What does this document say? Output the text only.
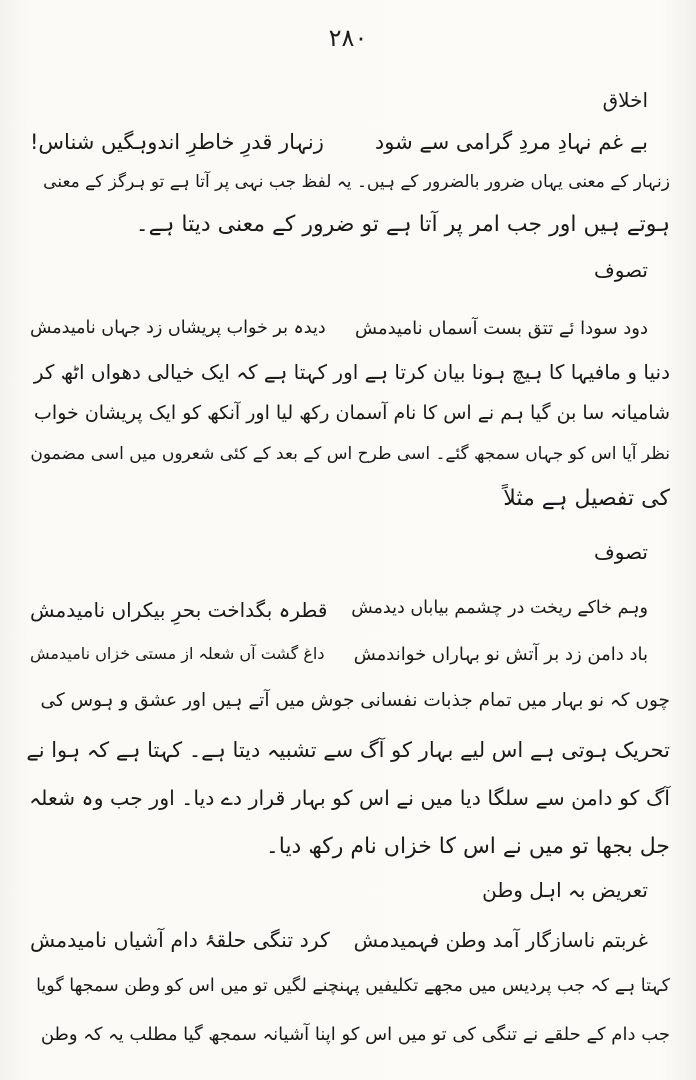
۲۸۰
اخلاق
بے غم نہادِ مردِ گرامی سے شود
زنہار قدرِ خاطرِ اندوہگیں شناس!
زنہار کے معنی یہاں ضرور بالضرور کے ہیں۔ یہ لفظ جب نہی پر آتا ہے تو ہرگز کے معنی
ہوتے ہیں اور جب امر پر آتا ہے تو ضرور کے معنی دیتا ہے۔
تصوف
دود سودا ئے تتق بست آسماں نامیدمش
دیدہ بر خواب پریشاں زد جہاں نامیدمش
دنیا و مافیہا کا ہیچ ہونا بیان کرتا ہے اور کہتا ہے کہ ایک خیالی دھواں اٹھ کر
شامیانہ سا بن گیا ہم نے اس کا نام آسمان رکھ لیا اور آنکھ کو ایک پریشان خواب
نظر آیا اس کو جہاں سمجھ گئے۔ اسی طرح اس کے بعد کے کئی شعروں میں اسی مضمون
کی تفصیل ہے مثلاً
تصوف
وہم خاکے ریخت در چشمم بیاباں دیدمش
قطرہ بگداخت بحرِ بیکراں نامیدمش
باد دامن زد بر آتش نو بہاراں خواندمش
داغ گشت آں شعلہ از مستی خزاں نامیدمش
چوں کہ نو بہار میں تمام جذبات نفسانی جوش میں آتے ہیں اور عشق و ہوس کی
تحریک ہوتی ہے اس لیے بہار کو آگ سے تشبیہ دیتا ہے۔ کہتا ہے کہ ہوا نے
آگ کو دامن سے سلگا دیا میں نے اس کو بہار قرار دے دیا۔ اور جب وہ شعلہ
جل بجھا تو میں نے اس کا خزاں نام رکھ دیا۔
تعریض بہ اہل وطن
غربتم ناسازگار آمد وطن فہمیدمش
کرد تنگی حلقۂ دام آشیاں نامیدمش
کہتا ہے کہ جب پردیس میں مجھے تکلیفیں پہنچنے لگیں تو میں اس کو وطن سمجھا گویا
جب دام کے حلقے نے تنگی کی تو میں اس کو اپنا آشیانہ سمجھ گیا مطلب یہ کہ وطن
